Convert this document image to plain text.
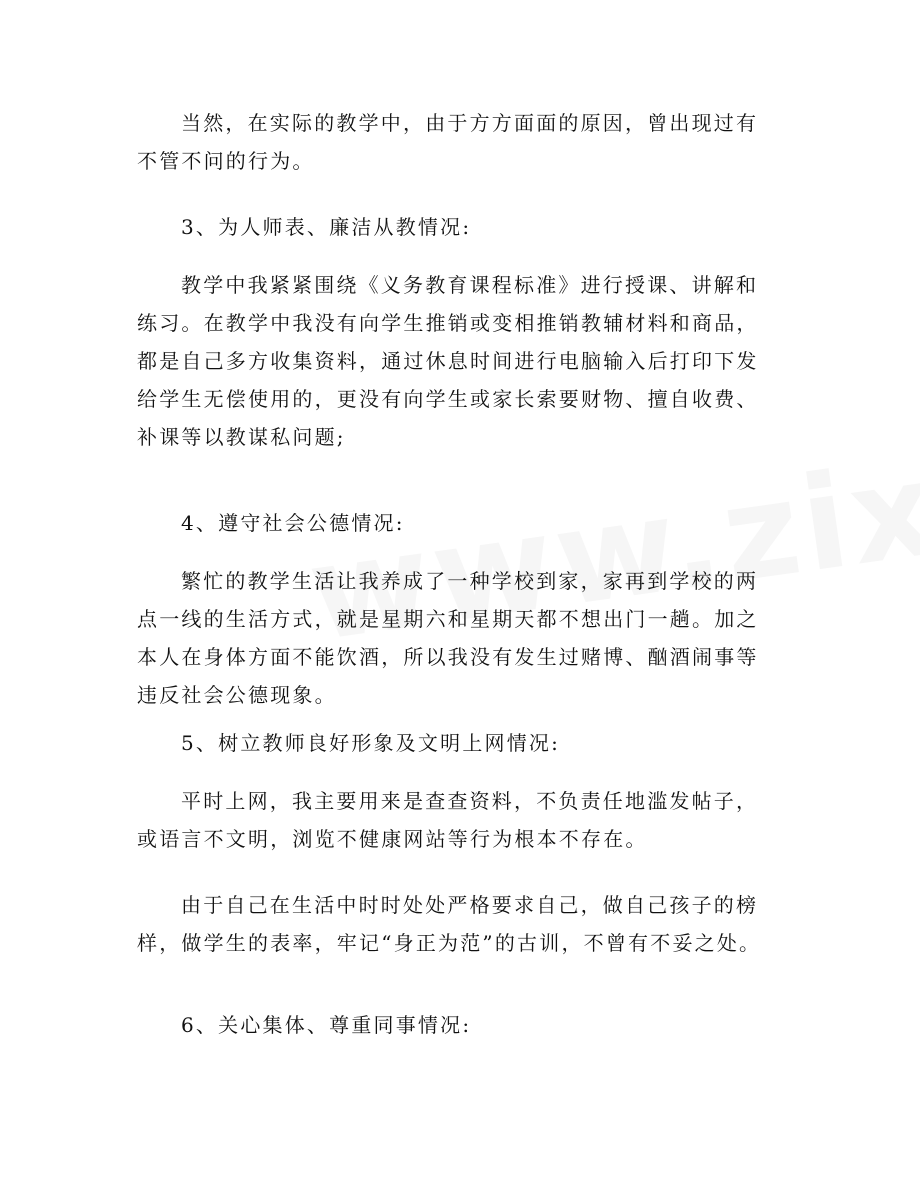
当然，在实际的教学中，由于方方面面的原因，曾出现过有
不管不问的行为。

3、为人师表、廉洁从教情况:

教学中我紧紧围绕《义务教育课程标准》进行授课、讲解和
练习。在教学中我没有向学生推销或变相推销教辅材料和商品，
都是自己多方收集资料，通过休息时间进行电脑输入后打印下发
给学生无偿使用的，更没有向学生或家长索要财物、擅自收费、
补课等以教谋私问题;

4、遵守社会公德情况:

繁忙的教学生活让我养成了一种学校到家，家再到学校的两
点一线的生活方式，就是星期六和星期天都不想出门一趟。加之
本人在身体方面不能饮酒，所以我没有发生过赌博、酗酒闹事等
违反社会公德现象。

5、树立教师良好形象及文明上网情况:

平时上网，我主要用来是查查资料，不负责任地滥发帖子，
或语言不文明，浏览不健康网站等行为根本不存在。

由于自己在生活中时时处处严格要求自己，做自己孩子的榜
样，做学生的表率，牢记“身正为范”的古训，不曾有不妥之处。

6、关心集体、尊重同事情况:
